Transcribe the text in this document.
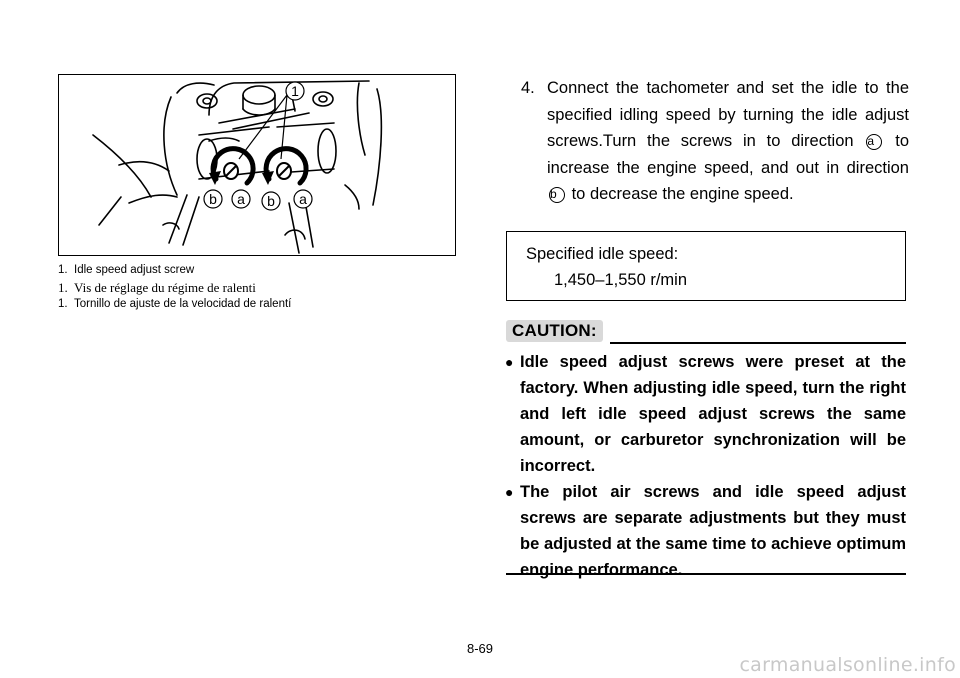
1
b a b a
1. Idle speed adjust screw
1. Vis de réglage du régime de ralenti
1. Tornillo de ajuste de la velocidad de ralentí
4. Connect the tachometer and set the idle to the specified idling speed by turning the idle adjust screws.Turn the screws in to direction a to increase the engine speed, and out in direction b to decrease the engine speed.
Specified idle speed:
1,450–1,550 r/min
CAUTION:
● Idle speed adjust screws were preset at the factory. When adjusting idle speed, turn the right and left idle speed adjust screws the same amount, or carburetor synchronization will be incorrect.
● The pilot air screws and idle speed adjust screws are separate adjustments but they must be adjusted at the same time to achieve optimum engine performance.
8-69
carmanualsonline.info
